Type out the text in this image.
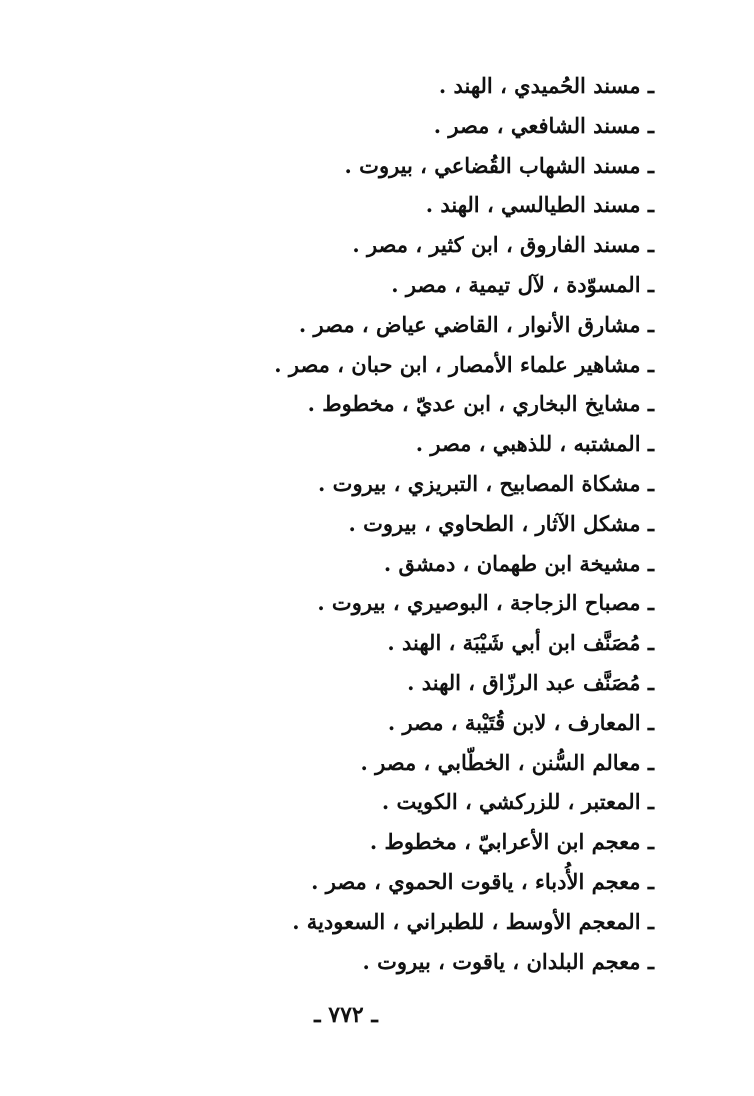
ـ مسند الحُميدي ، الهند .
ـ مسند الشافعي ، مصر .
ـ مسند الشهاب القُضاعي ، بيروت .
ـ مسند الطيالسي ، الهند .
ـ مسند الفاروق ، ابن كثير ، مصر .
ـ المسوّدة ، لآل تيمية ، مصر .
ـ مشارق الأنوار ، القاضي عياض ، مصر .
ـ مشاهير علماء الأمصار ، ابن حبان ، مصر .
ـ مشايخ البخاري ، ابن عديّ ، مخطوط .
ـ المشتبه ، للذهبي ، مصر .
ـ مشكاة المصابيح ، التبريزي ، بيروت .
ـ مشكل الآثار ، الطحاوي ، بيروت .
ـ مشيخة ابن طهمان ، دمشق .
ـ مصباح الزجاجة ، البوصيري ، بيروت .
ـ مُصَنَّف ابن أبي شَيْبَة ، الهند .
ـ مُصَنَّف عبد الرزّاق ، الهند .
ـ المعارف ، لابن قُتَيْبة ، مصر .
ـ معالم السُّنن ، الخطّابي ، مصر .
ـ المعتبر ، للزركشي ، الكويت .
ـ معجم ابن الأعرابيّ ، مخطوط .
ـ معجم الأُدباء ، ياقوت الحموي ، مصر .
ـ المعجم الأوسط ، للطبراني ، السعودية .
ـ معجم البلدان ، ياقوت ، بيروت .
ـ ٧٧٢ ـ
